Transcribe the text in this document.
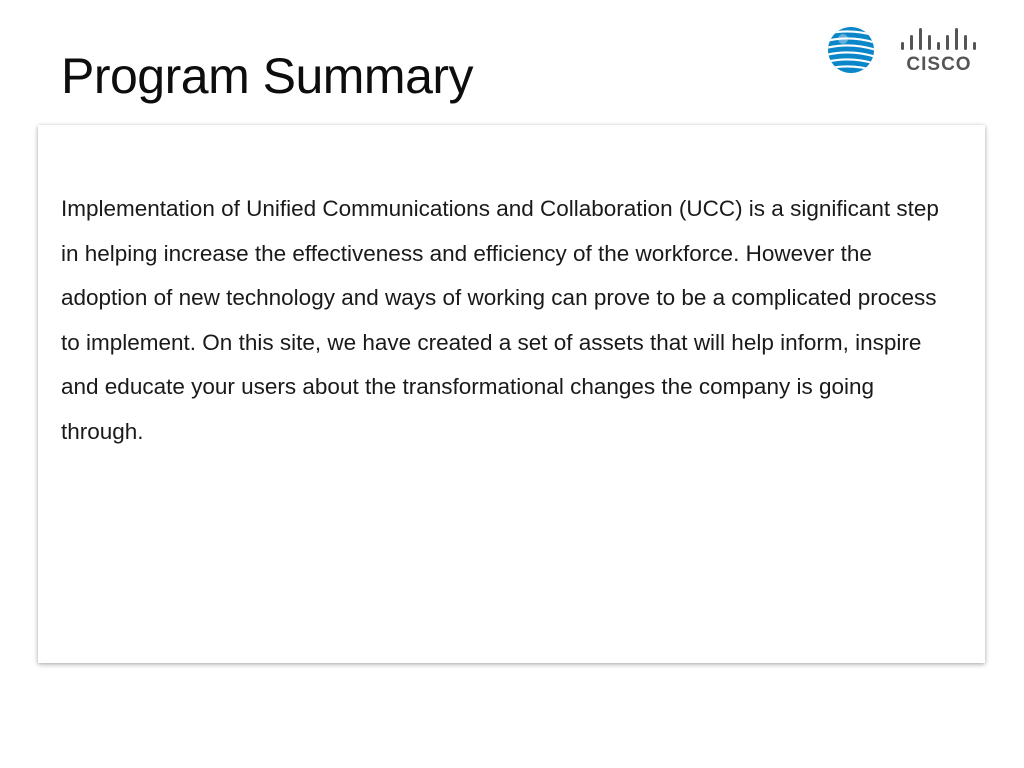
Program Summary	CISCO

Implementation of Unified Communications and Collaboration (UCC) is a significant step in helping increase the effectiveness and efficiency of the workforce. However the adoption of new technology and ways of working can prove to be a complicated process to implement. On this site, we have created a set of assets that will help inform, inspire and educate your users about the transformational changes the company is going through.
